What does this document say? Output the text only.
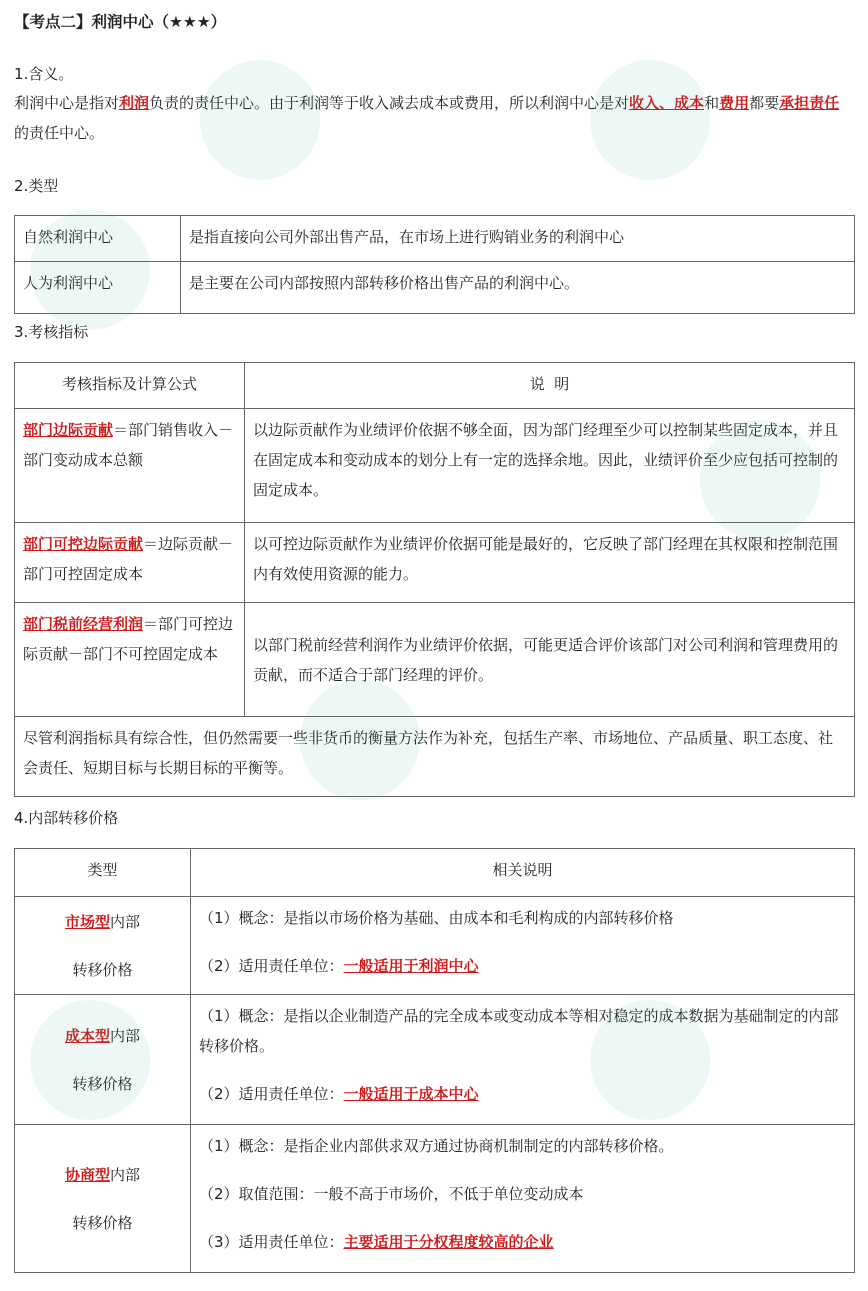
【考点二】利润中心（★★★）
1.含义。
利润中心是指对利润负责的责任中心。由于利润等于收入减去成本或费用，所以利润中心是对收入、成本和费用都要承担责任的责任中心。
2.类型
自然利润中心	是指直接向公司外部出售产品，在市场上进行购销业务的利润中心
人为利润中心	是主要在公司内部按照内部转移价格出售产品的利润中心。
3.考核指标
考核指标及计算公式	说  明
部门边际贡献＝部门销售收入－部门变动成本总额	以边际贡献作为业绩评价依据不够全面，因为部门经理至少可以控制某些固定成本，并且在固定成本和变动成本的划分上有一定的选择余地。因此，业绩评价至少应包括可控制的固定成本。
部门可控边际贡献＝边际贡献－部门可控固定成本	以可控边际贡献作为业绩评价依据可能是最好的，它反映了部门经理在其权限和控制范围内有效使用资源的能力。
部门税前经营利润＝部门可控边际贡献－部门不可控固定成本	以部门税前经营利润作为业绩评价依据，可能更适合评价该部门对公司利润和管理费用的贡献，而不适合于部门经理的评价。
尽管利润指标具有综合性，但仍然需要一些非货币的衡量方法作为补充，包括生产率、市场地位、产品质量、职工态度、社会责任、短期目标与长期目标的平衡等。	
4.内部转移价格
类型	相关说明
市场型内部
转移价格	（1）概念：是指以市场价格为基础、由成本和毛利构成的内部转移价格
（2）适用责任单位：一般适用于利润中心

成本型内部
转移价格	（1）概念：是指以企业制造产品的完全成本或变动成本等相对稳定的成本数据为基础制定的内部转移价格。
（2）适用责任单位：一般适用于成本中心

协商型内部
转移价格	（1）概念：是指企业内部供求双方通过协商机制制定的内部转移价格。
（2）取值范围：一般不高于市场价，不低于单位变动成本
（3）适用责任单位：主要适用于分权程度较高的企业
